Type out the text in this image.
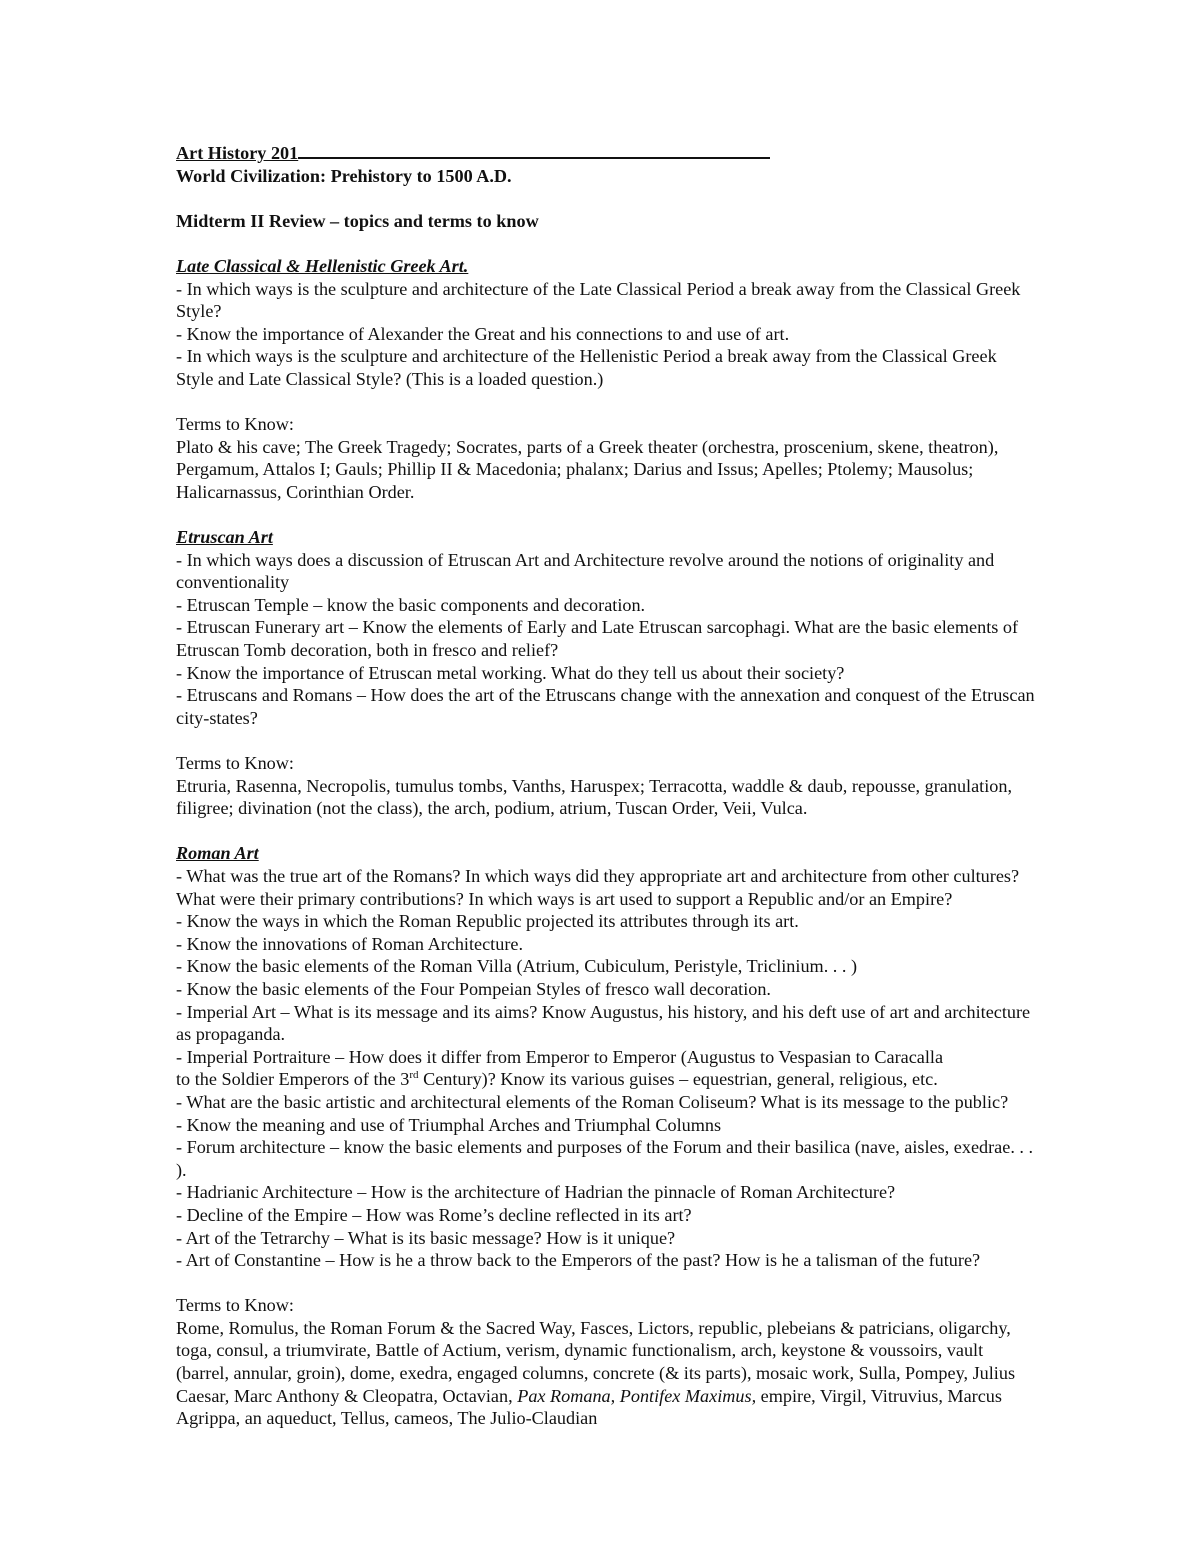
Art History 201
World Civilization: Prehistory to 1500 A.D.
Midterm II Review – topics and terms to know
Late Classical & Hellenistic Greek Art.

- In which ways is the sculpture and architecture of the Late Classical Period a break away from the Classical Greek Style?

- Know the importance of Alexander the Great and his connections to and use of art.

- In which ways is the sculpture and architecture of the Hellenistic Period a break away from the Classical Greek Style and Late Classical Style? (This is a loaded question.)

Terms to Know:

Plato & his cave; The Greek Tragedy; Socrates, parts of a Greek theater (orchestra, proscenium, skene, theatron), Pergamum, Attalos I; Gauls; Phillip II & Macedonia; phalanx; Darius and Issus; Apelles; Ptolemy; Mausolus; Halicarnassus, Corinthian Order.

Etruscan Art

- In which ways does a discussion of Etruscan Art and Architecture revolve around the notions of originality and conventionality

- Etruscan Temple – know the basic components and decoration.

- Etruscan Funerary art – Know the elements of Early and Late Etruscan sarcophagi. What are the basic elements of Etruscan Tomb decoration, both in fresco and relief?

- Know the importance of Etruscan metal working. What do they tell us about their society?

- Etruscans and Romans – How does the art of the Etruscans change with the annexation and conquest of the Etruscan city-states?

Terms to Know:

Etruria, Rasenna, Necropolis, tumulus tombs, Vanths, Haruspex; Terracotta, waddle & daub, repousse, granulation, filigree; divination (not the class), the arch, podium, atrium, Tuscan Order, Veii, Vulca.

Roman Art

- What was the true art of the Romans? In which ways did they appropriate art and architecture from other cultures? What were their primary contributions? In which ways is art used to support a Republic and/or an Empire?

- Know the ways in which the Roman Republic projected its attributes through its art.

- Know the innovations of Roman Architecture.

- Know the basic elements of the Roman Villa (Atrium, Cubiculum, Peristyle, Triclinium. . . )

- Know the basic elements of the Four Pompeian Styles of fresco wall decoration.

- Imperial Art – What is its message and its aims? Know Augustus, his history, and his deft use of art and architecture as propaganda.

- Imperial Portraiture – How does it differ from Emperor to Emperor (Augustus to Vespasian to Caracalla
to the Soldier Emperors of the 3rd Century)? Know its various guises – equestrian, general, religious, etc.

- What are the basic artistic and architectural elements of the Roman Coliseum? What is its message to the public?

- Know the meaning and use of Triumphal Arches and Triumphal Columns

- Forum architecture – know the basic elements and purposes of the Forum and their basilica (nave, aisles, exedrae. . . ).

- Hadrianic Architecture – How is the architecture of Hadrian the pinnacle of Roman Architecture?

- Decline of the Empire – How was Rome’s decline reflected in its art?

- Art of the Tetrarchy – What is its basic message? How is it unique?

- Art of Constantine – How is he a throw back to the Emperors of the past? How is he a talisman of the future?

Terms to Know:

Rome, Romulus, the Roman Forum & the Sacred Way, Fasces, Lictors, republic, plebeians & patricians, oligarchy, toga, consul, a triumvirate, Battle of Actium, verism, dynamic functionalism, arch, keystone & voussoirs, vault (barrel, annular, groin), dome, exedra, engaged columns, concrete (& its parts), mosaic work, Sulla, Pompey, Julius Caesar, Marc Anthony & Cleopatra, Octavian, Pax Romana, Pontifex Maximus, empire, Virgil, Vitruvius, Marcus Agrippa, an aqueduct, Tellus, cameos, The Julio-Claudian
